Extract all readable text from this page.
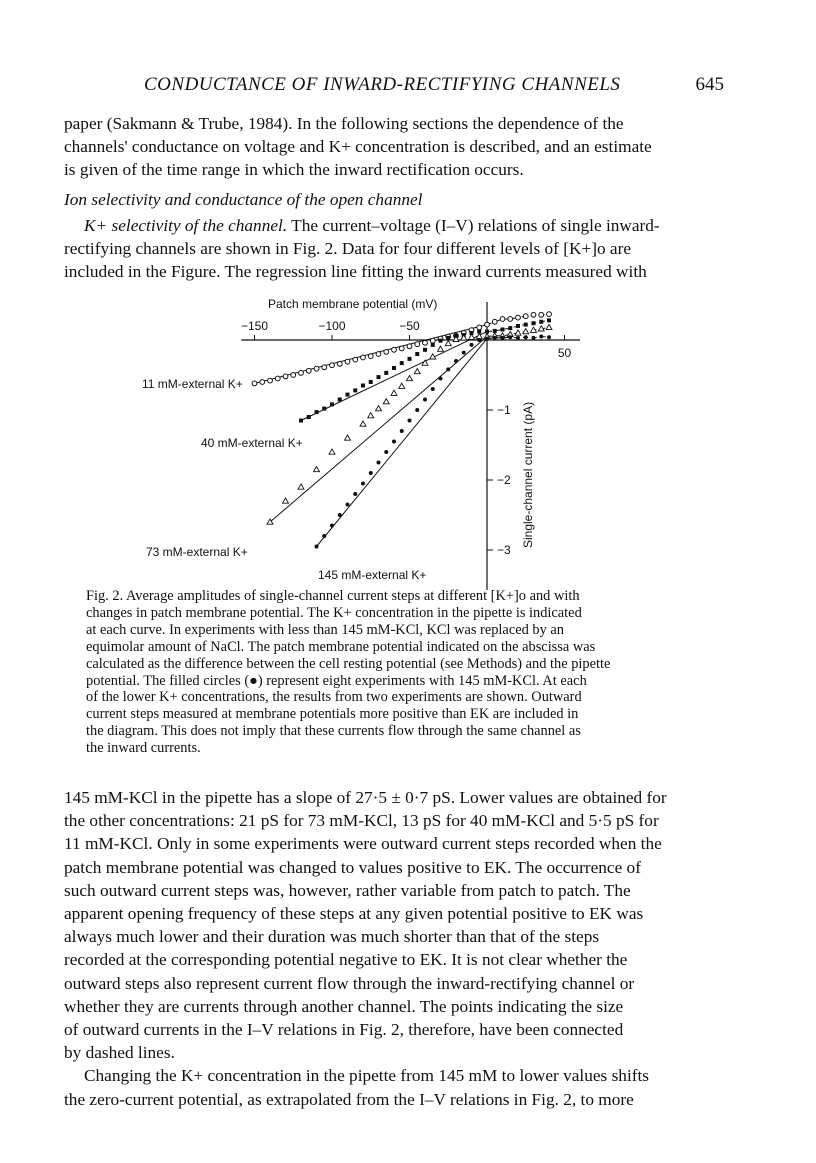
CONDUCTANCE OF INWARD-RECTIFYING CHANNELS	645

paper (Sakmann & Trube, 1984). In the following sections the dependence of the

channels' conductance on voltage and K+ concentration is described, and an estimate

is given of the time range in which the inward rectification occurs.

Ion selectivity and conductance of the open channel

K+ selectivity of the channel. The current–voltage (I–V) relations of single inward-

rectifying channels are shown in Fig. 2. Data for four different levels of [K+]o are

included in the Figure. The regression line fitting the inward currents measured with

Patch membrane potential (mV)
−150	−100	−50
50
−1
−2
−3
11 mM-external K+
40 mM-external K+
73 mM-external K+
145 mM-external K+
Single-channel current (pA)

Fig. 2. Average amplitudes of single-channel current steps at different [K+]o and with

changes in patch membrane potential. The K+ concentration in the pipette is indicated

at each curve. In experiments with less than 145 mM-KCl, KCl was replaced by an

equimolar amount of NaCl. The patch membrane potential indicated on the abscissa was

calculated as the difference between the cell resting potential (see Methods) and the pipette

potential. The filled circles (●) represent eight experiments with 145 mM-KCl. At each

of the lower K+ concentrations, the results from two experiments are shown. Outward

current steps measured at membrane potentials more positive than EK are included in

the diagram. This does not imply that these currents flow through the same channel as

the inward currents.

145 mM-KCl in the pipette has a slope of 27·5 ± 0·7 pS. Lower values are obtained for

the other concentrations: 21 pS for 73 mM-KCl, 13 pS for 40 mM-KCl and 5·5 pS for

11 mM-KCl. Only in some experiments were outward current steps recorded when the

patch membrane potential was changed to values positive to EK. The occurrence of

such outward current steps was, however, rather variable from patch to patch. The

apparent opening frequency of these steps at any given potential positive to EK was

always much lower and their duration was much shorter than that of the steps

recorded at the corresponding potential negative to EK. It is not clear whether the

outward steps also represent current flow through the inward-rectifying channel or

whether they are currents through another channel. The points indicating the size

of outward currents in the I–V relations in Fig. 2, therefore, have been connected

by dashed lines.

Changing the K+ concentration in the pipette from 145 mM to lower values shifts

the zero-current potential, as extrapolated from the I–V relations in Fig. 2, to more
